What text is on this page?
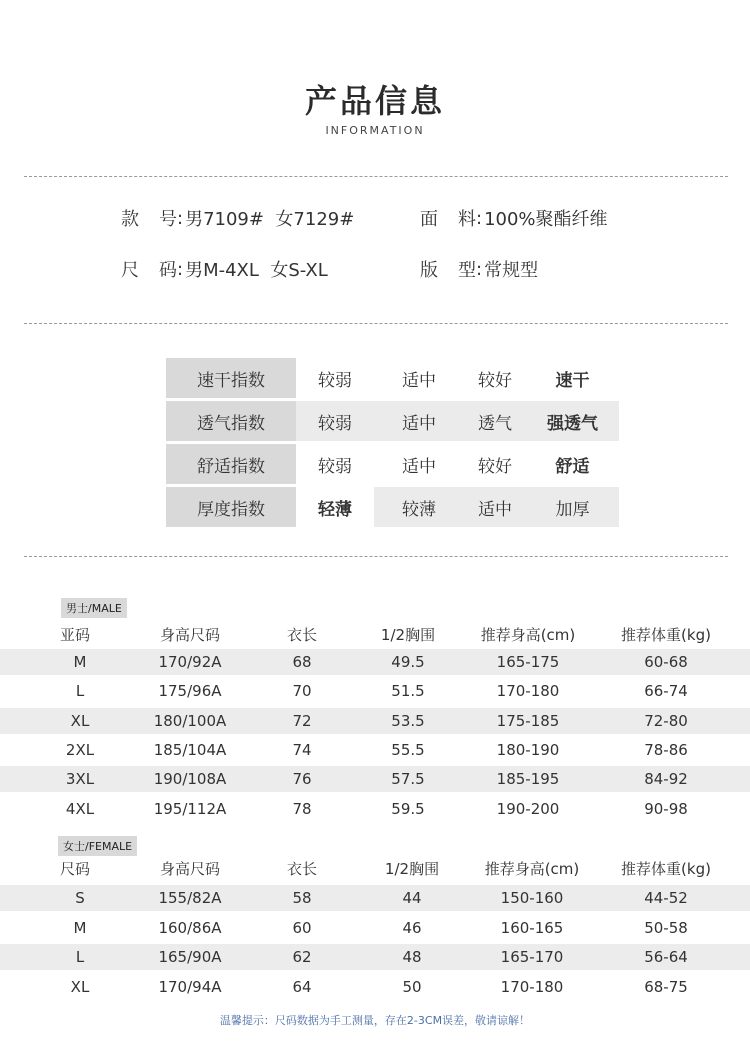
产品信息
INFORMATION
款 号 : 男7109#  女7129#	面 料 : 100%聚酯纤维
尺 码 : 男M-4XL  女S-XL	版 型 : 常规型
速干指数	较弱	适中	较好	速干
透气指数	较弱	适中	透气	强透气
舒适指数	较弱	适中	较好	舒适
厚度指数	轻薄	较薄	适中	加厚
男士/MALE
亚码	身高尺码	衣长	1/2胸围	推荐身高(cm)	推荐体重(kg)
M	170/92A	68	49.5	165-175	60-68
L	175/96A	70	51.5	170-180	66-74
XL	180/100A	72	53.5	175-185	72-80
2XL	185/104A	74	55.5	180-190	78-86
3XL	190/108A	76	57.5	185-195	84-92
4XL	195/112A	78	59.5	190-200	90-98
女士/FEMALE
尺码	身高尺码	衣长	1/2胸围	推荐身高(cm)	推荐体重(kg)
S	155/82A	58	44	150-160	44-52
M	160/86A	60	46	160-165	50-58
L	165/90A	62	48	165-170	56-64
XL	170/94A	64	50	170-180	68-75
温馨提示：尺码数据为手工测量，存在2-3CM误差，敬请谅解！
